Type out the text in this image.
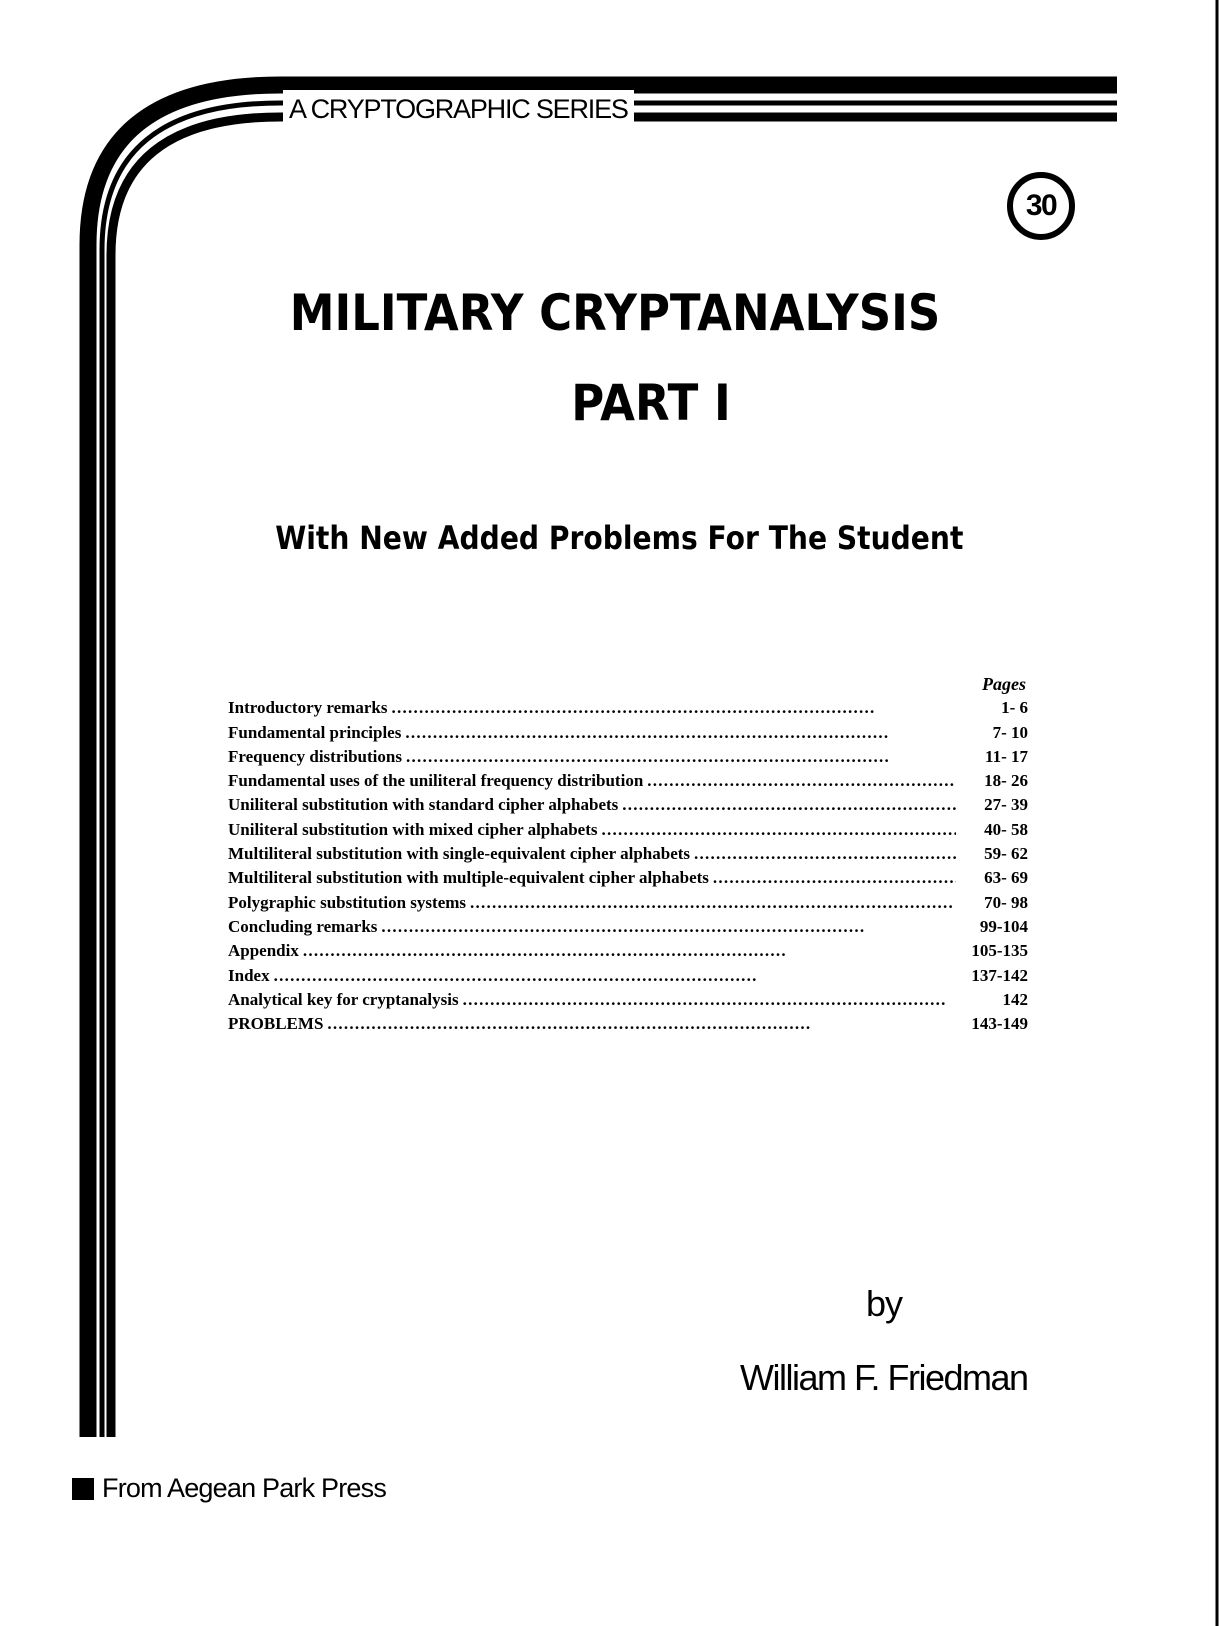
A CRYPTOGRAPHIC SERIES
30
MILITARY CRYPTANALYSIS
PART I
With New Added Problems For The Student
Pages
Introductory remarks . . .	1- 6
Fundamental principles . . .	7- 10
Frequency distributions . . .	11- 17
Fundamental uses of the uniliteral frequency distribution . . .	18- 26
Uniliteral substitution with standard cipher alphabets . . .	27- 39
Uniliteral substitution with mixed cipher alphabets . . .	40- 58
Multiliteral substitution with single-equivalent cipher alphabets . . .	59- 62
Multiliteral substitution with multiple-equivalent cipher alphabets . . .	63- 69
Polygraphic substitution systems . . .	70- 98
Concluding remarks . . .	99-104
Appendix . . .	105-135
Index . . .	137-142
Analytical key for cryptanalysis . . .	142
PROBLEMS . . .	143-149
by
William F. Friedman
From Aegean Park Press
